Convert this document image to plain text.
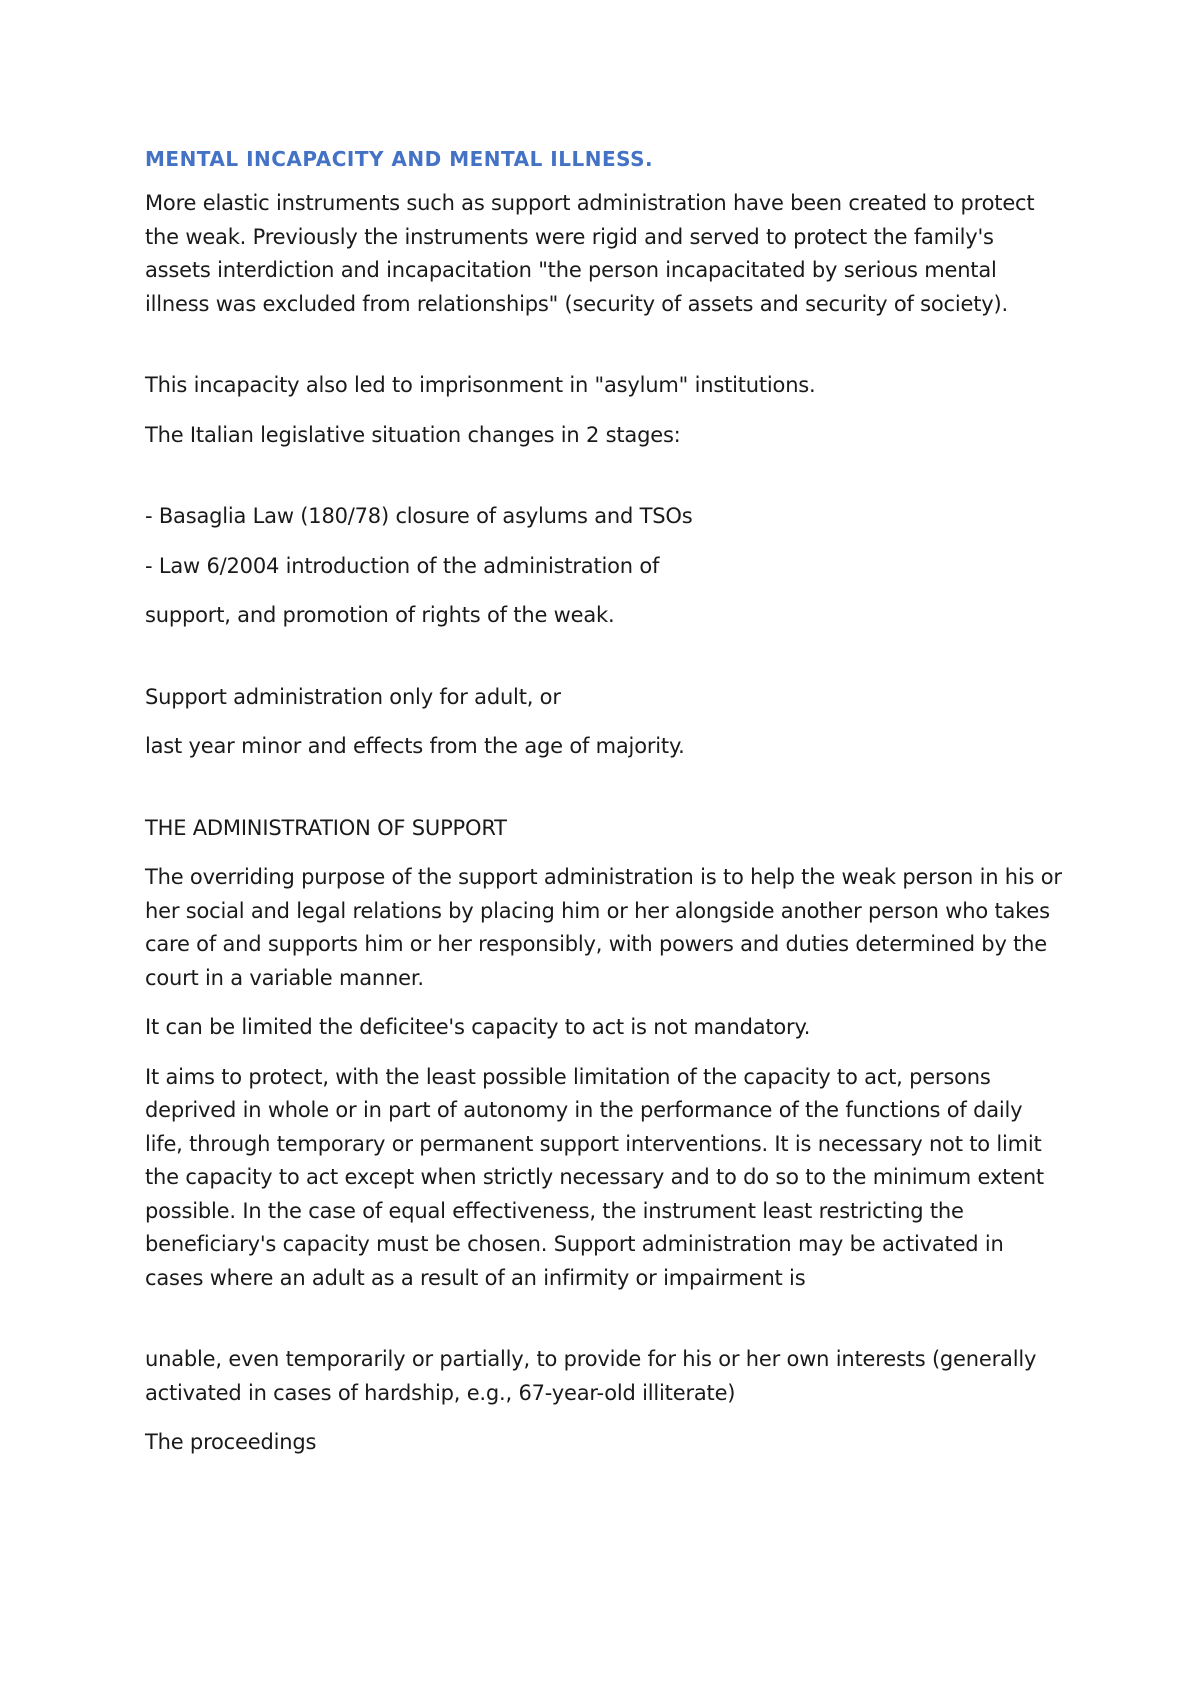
MENTAL INCAPACITY AND MENTAL ILLNESS.

More elastic instruments such as support administration have been created to protect the weak. Previously the instruments were rigid and served to protect the family's assets interdiction and incapacitation "the person incapacitated by serious mental illness was excluded from relationships" (security of assets and security of society).

This incapacity also led to imprisonment in "asylum" institutions.

The Italian legislative situation changes in 2 stages:

- Basaglia Law (180/78) closure of asylums and TSOs

- Law 6/2004 introduction of the administration of

support, and promotion of rights of the weak.

Support administration only for adult, or

last year minor and effects from the age of majority.

THE ADMINISTRATION OF SUPPORT

The overriding purpose of the support administration is to help the weak person in his or her social and legal relations by placing him or her alongside another person who takes care of and supports him or her responsibly, with powers and duties determined by the court in a variable manner.

It can be limited the deficitee's capacity to act is not mandatory.

It aims to protect, with the least possible limitation of the capacity to act, persons deprived in whole or in part of autonomy in the performance of the functions of daily life, through temporary or permanent support interventions. It is necessary not to limit the capacity to act except when strictly necessary and to do so to the minimum extent possible. In the case of equal effectiveness, the instrument least restricting the beneficiary's capacity must be chosen. Support administration may be activated in cases where an adult as a result of an infirmity or impairment is

unable, even temporarily or partially, to provide for his or her own interests (generally activated in cases of hardship, e.g., 67-year-old illiterate)

The proceedings
